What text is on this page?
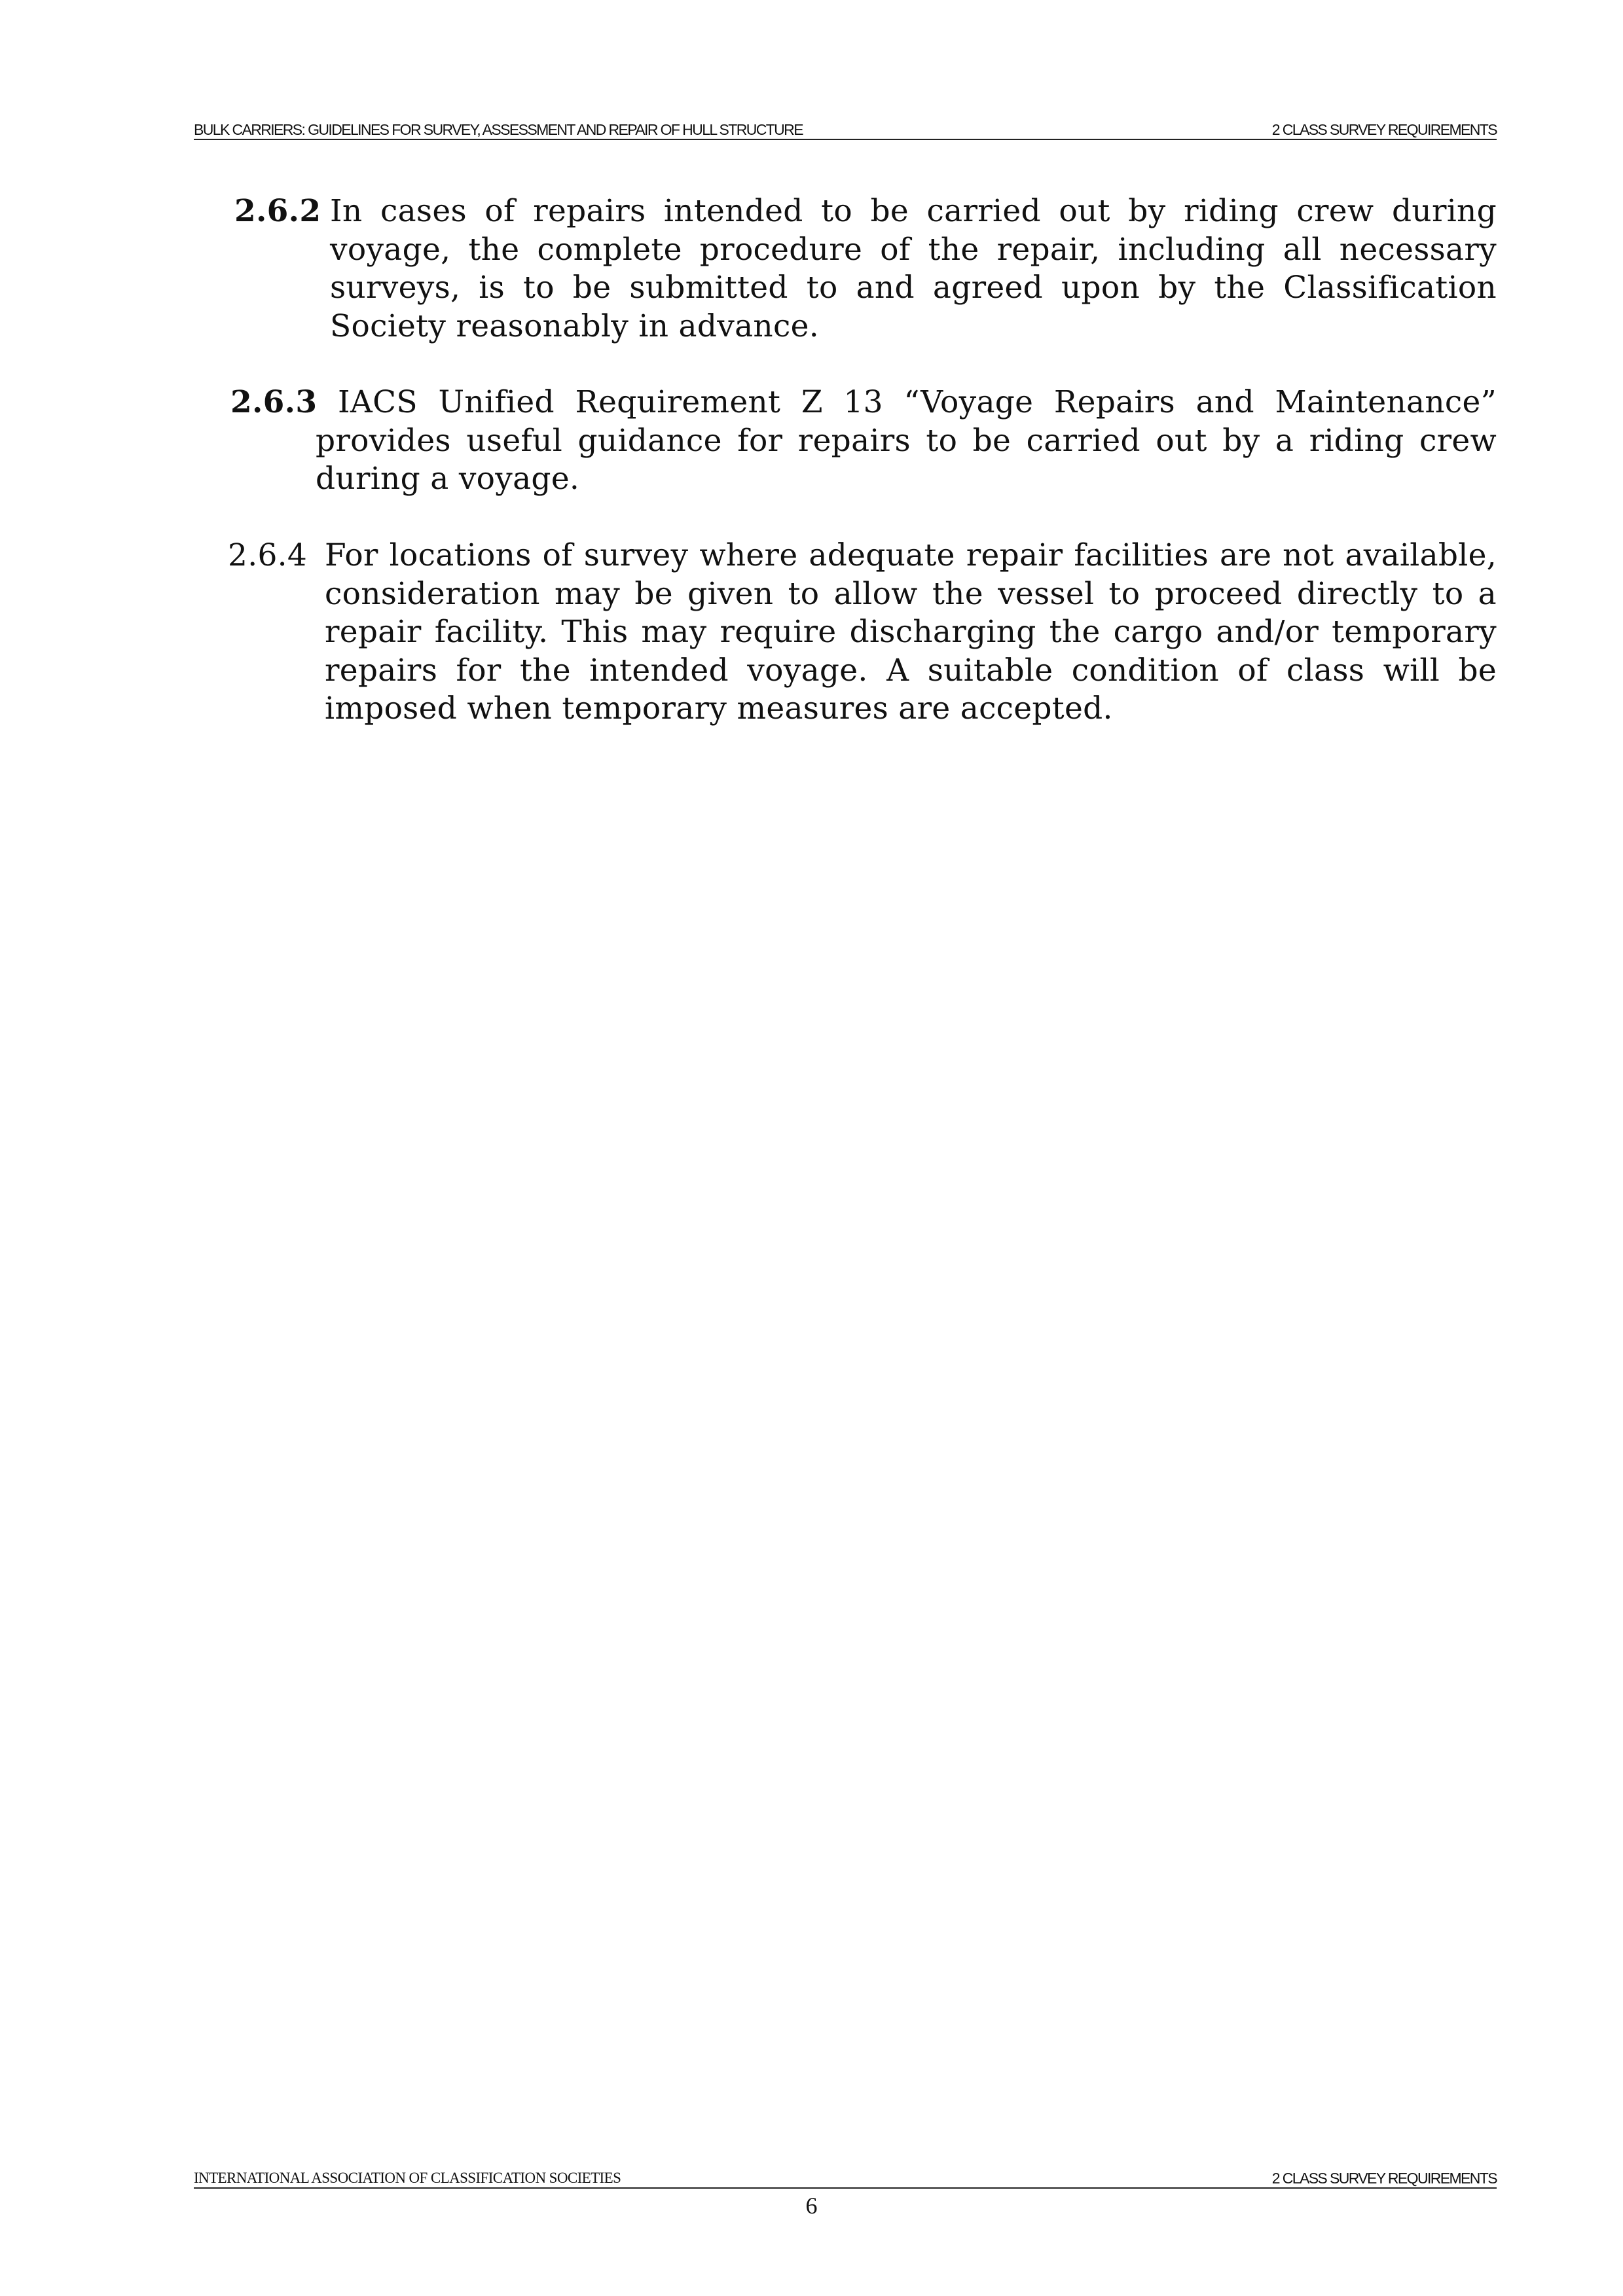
BULK CARRIERS: GUIDELINES FOR SURVEY, ASSESSMENT AND REPAIR OF HULL STRUCTURE	2 CLASS SURVEY REQUIREMENTS
2.6.2 In cases of repairs intended to be carried out by riding crew during voyage, the complete procedure of the repair, including all necessary surveys, is to be submitted to and agreed upon by the Classification Society reasonably in advance.
2.6.3 IACS Unified Requirement Z 13 “Voyage Repairs and Maintenance” provides useful guidance for repairs to be carried out by a riding crew during a voyage.
2.6.4 For locations of survey where adequate repair facilities are not available, consideration may be given to allow the vessel to proceed directly to a repair facility. This may require discharging the cargo and/or temporary repairs for the intended voyage. A suitable condition of class will be imposed when temporary measures are accepted.
INTERNATIONAL ASSOCIATION OF CLASSIFICATION SOCIETIES	2 CLASS SURVEY REQUIREMENTS
6
